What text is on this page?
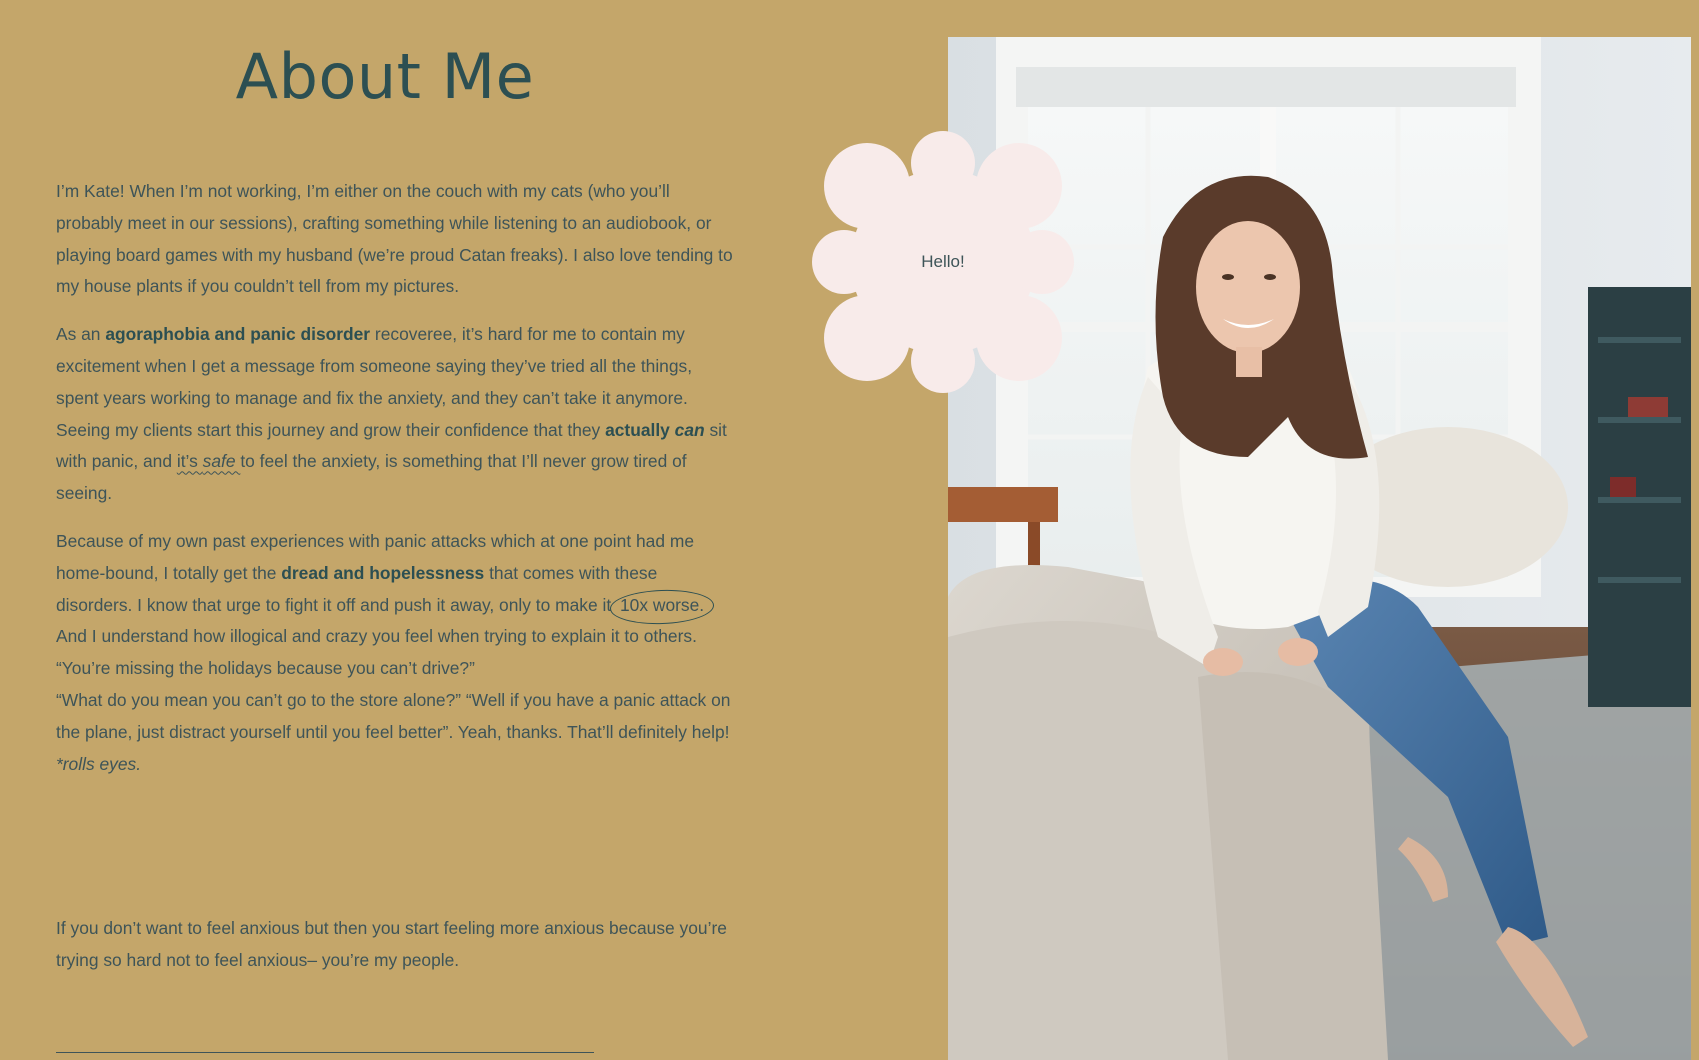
About Me

I’m Kate! When I’m not working, I’m either on the couch with my cats (who you’ll probably meet in our sessions), crafting something while listening to an audiobook, or playing board games with my husband (we’re proud Catan freaks). I also love tending to my house plants if you couldn’t tell from my pictures.

As an agoraphobia and panic disorder recoveree, it’s hard for me to contain my excitement when I get a message from someone saying they’ve tried all the things, spent years working to manage and fix the anxiety, and they can’t take it anymore. Seeing my clients start this journey and grow their confidence that they actually can sit with panic, and it’s safe to feel the anxiety, is something that I’ll never grow tired of seeing.

Because of my own past experiences with panic attacks which at one point had me home-bound, I totally get the dread and hopelessness that comes with these disorders. I know that urge to fight it off and push it away, only to make it 10x worse. And I understand how illogical and crazy you feel when trying to explain it to others. “You’re missing the holidays because you can’t drive?”

“What do you mean you can’t go to the store alone?” “Well if you have a panic attack on the plane, just distract yourself until you feel better”. Yeah, thanks. That’ll definitely help!

*rolls eyes.

If you don’t want to feel anxious but then you start feeling more anxious because you’re trying so hard not to feel anxious– you’re my people.

Hello!
